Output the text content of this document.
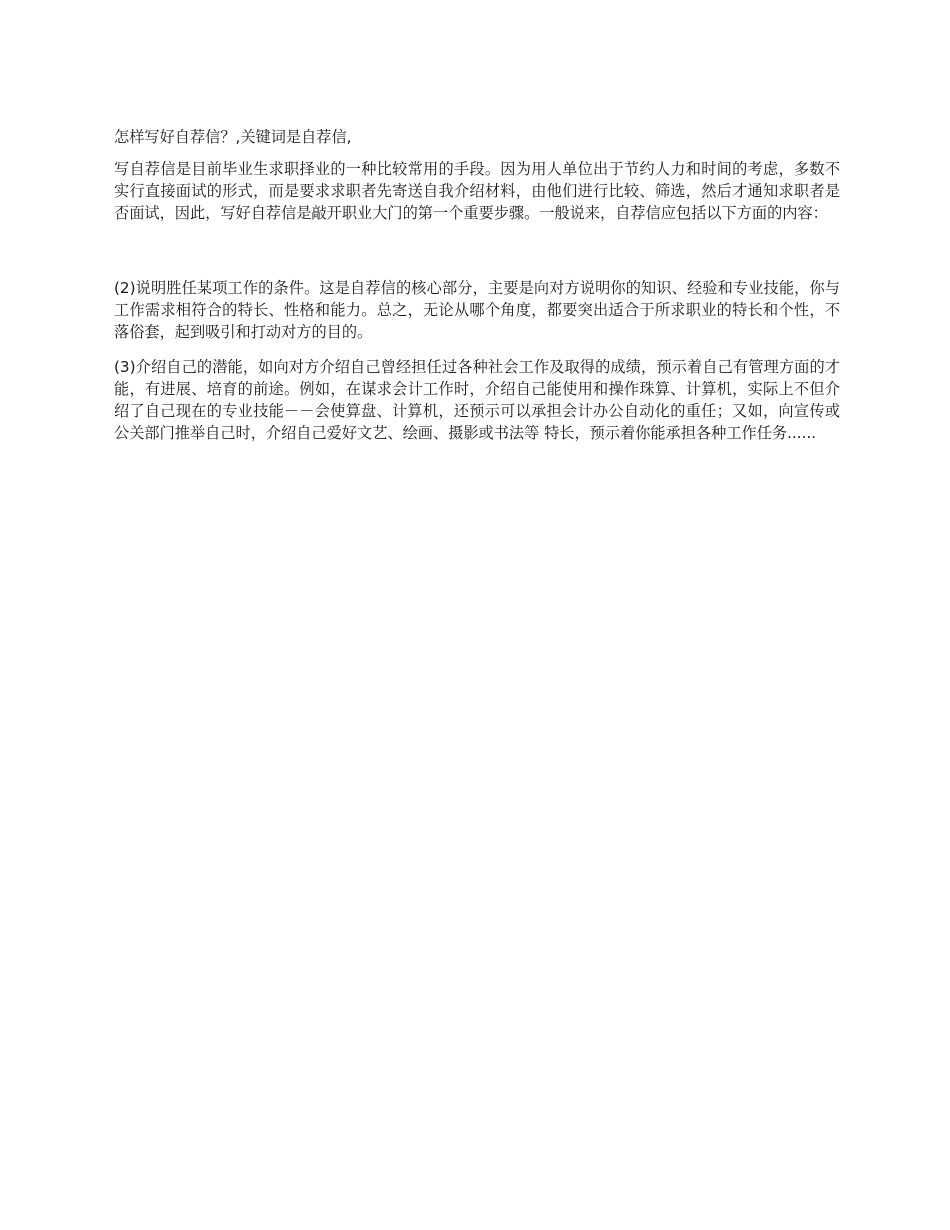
怎样写好自荐信？,关键词是自荐信,

写自荐信是目前毕业生求职择业的一种比较常用的手段。因为用人单位出于节约人力和时间的考虑，多数不实行直接面试的形式，而是要求求职者先寄送自我介绍材料，由他们进行比较、筛选，然后才通知求职者是否面试，因此，写好自荐信是敲开职业大门的第一个重要步骤。一般说来，自荐信应包括以下方面的内容：

(2)说明胜任某项工作的条件。这是自荐信的核心部分，主要是向对方说明你的知识、经验和专业技能，你与工作需求相符合的特长、性格和能力。总之，无论从哪个角度，都要突出适合于所求职业的特长和个性，不落俗套，起到吸引和打动对方的目的。

(3)介绍自己的潜能，如向对方介绍自己曾经担任过各种社会工作及取得的成绩，预示着自己有管理方面的才能，有进展、培育的前途。例如，在谋求会计工作时，介绍自己能使用和操作珠算、计算机，实际上不但介绍了自己现在的专业技能－－会使算盘、计算机，还预示可以承担会计办公自动化的重任；又如，向宣传或公关部门推举自己时，介绍自己爱好文艺、绘画、摄影或书法等 特长，预示着你能承担各种工作任务......
